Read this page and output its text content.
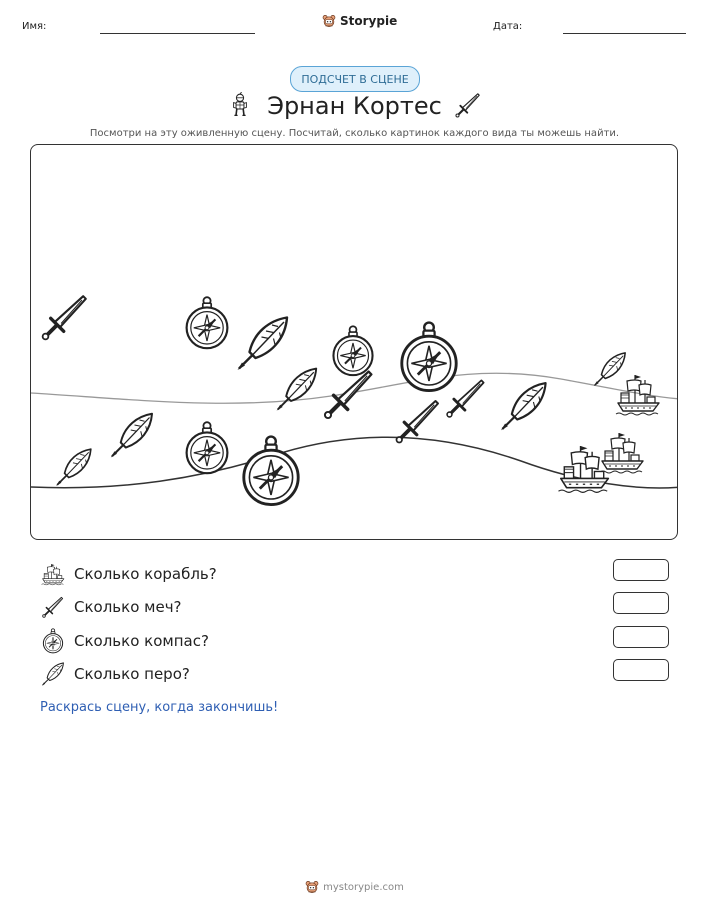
Имя:	Storypie	Дата:
ПОДСЧЕТ В СЦЕНЕ
Эрнан Кортес
Посмотри на эту оживленную сцену. Посчитай, сколько картинок каждого вида ты можешь найти.
Сколько корабль?
Сколько меч?
Сколько компас?
Сколько перо?
Раскрась сцену, когда закончишь!
mystorypie.com
